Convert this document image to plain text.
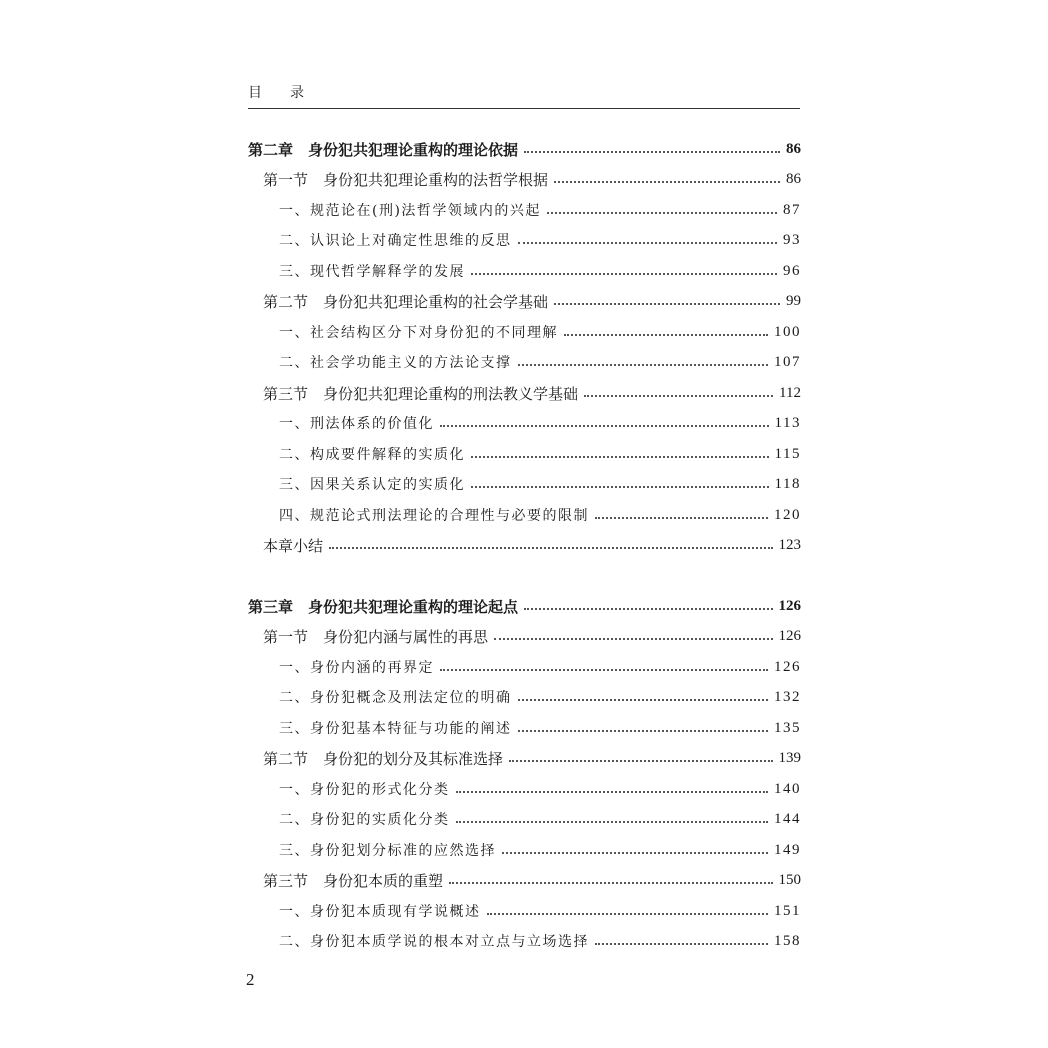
目录
第二章　身份犯共犯理论重构的理论依据	86
第一节　身份犯共犯理论重构的法哲学根据	86
一、规范论在(刑)法哲学领域内的兴起	87
二、认识论上对确定性思维的反思	93
三、现代哲学解释学的发展	96
第二节　身份犯共犯理论重构的社会学基础	99
一、社会结构区分下对身份犯的不同理解	100
二、社会学功能主义的方法论支撑	107
第三节　身份犯共犯理论重构的刑法教义学基础	112
一、刑法体系的价值化	113
二、构成要件解释的实质化	115
三、因果关系认定的实质化	118
四、规范论式刑法理论的合理性与必要的限制	120
本章小结	123
第三章　身份犯共犯理论重构的理论起点	126
第一节　身份犯内涵与属性的再思	126
一、身份内涵的再界定	126
二、身份犯概念及刑法定位的明确	132
三、身份犯基本特征与功能的阐述	135
第二节　身份犯的划分及其标准选择	139
一、身份犯的形式化分类	140
二、身份犯的实质化分类	144
三、身份犯划分标准的应然选择	149
第三节　身份犯本质的重塑	150
一、身份犯本质现有学说概述	151
二、身份犯本质学说的根本对立点与立场选择	158
2
